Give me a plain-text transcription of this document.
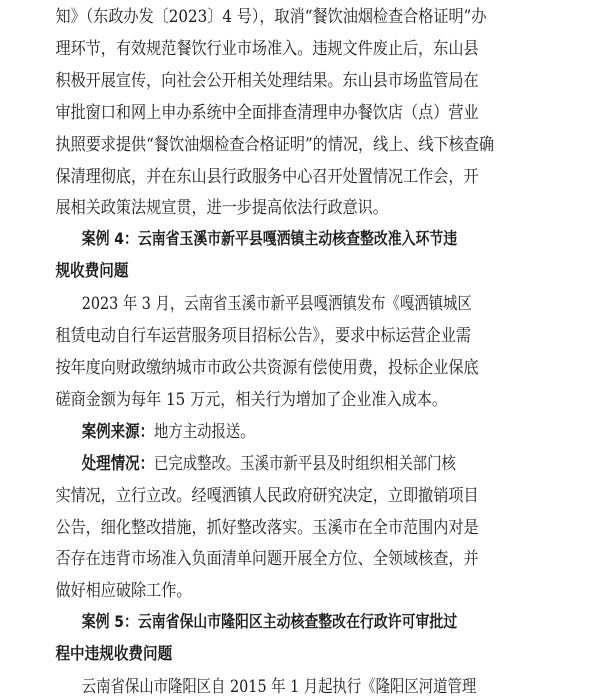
知》（东政办发〔2023〕4 号），取消“餐饮油烟检查合格证明”办
理环节，有效规范餐饮行业市场准入。违规文件废止后，东山县
积极开展宣传，向社会公开相关处理结果。东山县市场监管局在
审批窗口和网上申办系统中全面排查清理申办餐饮店（点）营业
执照要求提供“餐饮油烟检查合格证明”的情况，线上、线下核查确
保清理彻底，并在东山县行政服务中心召开处置情况工作会，开
展相关政策法规宣贯，进一步提高依法行政意识。
案例 4：云南省玉溪市新平县嘎洒镇主动核查整改准入环节违
规收费问题
2023 年 3 月，云南省玉溪市新平县嘎洒镇发布《嘎洒镇城区
租赁电动自行车运营服务项目招标公告》，要求中标运营企业需
按年度向财政缴纳城市市政公共资源有偿使用费，投标企业保底
磋商金额为每年 15 万元，相关行为增加了企业准入成本。
案例来源：地方主动报送。
处理情况：已完成整改。玉溪市新平县及时组织相关部门核
实情况，立行立改。经嘎洒镇人民政府研究决定，立即撤销项目
公告，细化整改措施，抓好整改落实。玉溪市在全市范围内对是
否存在违背市场准入负面清单问题开展全方位、全领域核查，并
做好相应破除工作。
案例 5：云南省保山市隆阳区主动核查整改在行政许可审批过
程中违规收费问题
云南省保山市隆阳区自 2015 年 1 月起执行《隆阳区河道管理
